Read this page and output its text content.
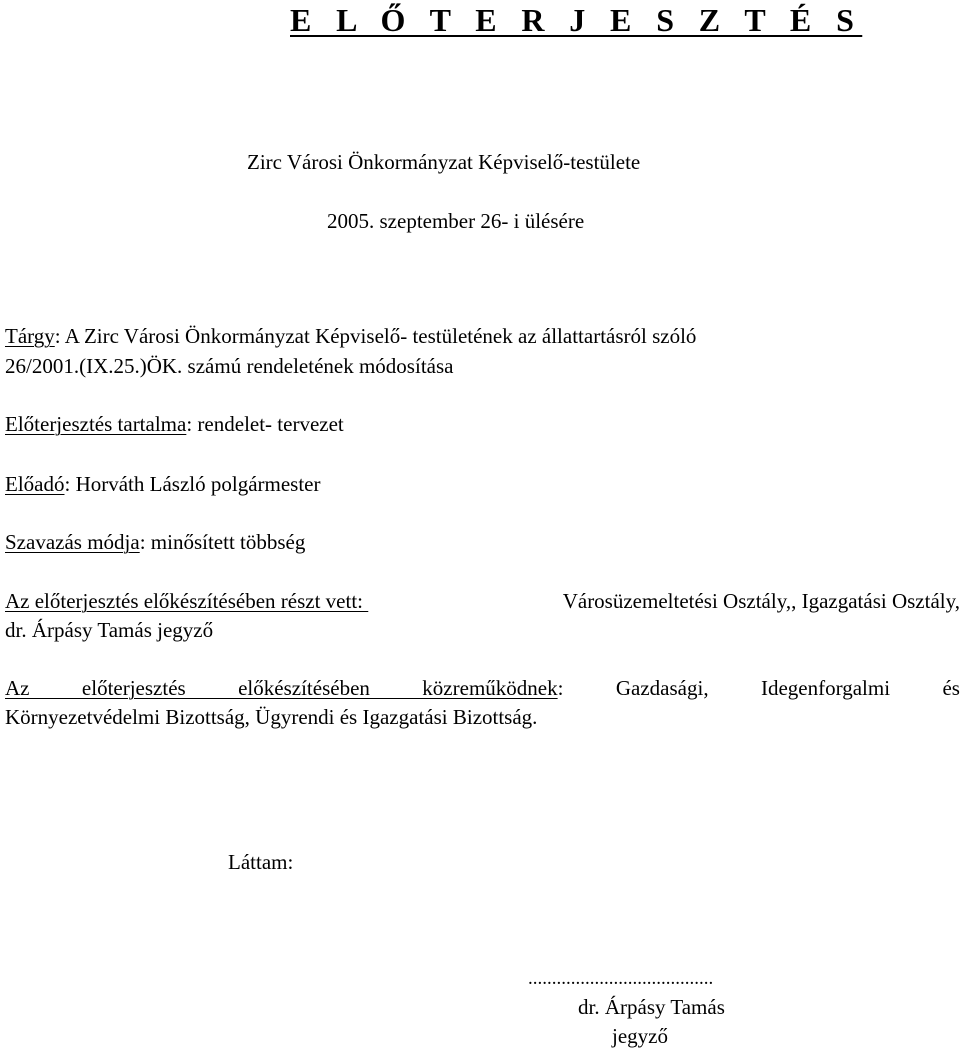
E L Ő T E R J E S Z T É S
Zirc Városi Önkormányzat Képviselő-testülete
2005. szeptember 26- i ülésére
Tárgy: A Zirc Városi Önkormányzat Képviselő- testületének az állattartásról szóló
26/2001.(IX.25.)ÖK. számú rendeletének módosítása
Előterjesztés tartalma: rendelet- tervezet
Előadó: Horváth László polgármester
Szavazás módja: minősített többség
Az előterjesztés előkészítésében részt vett:	Városüzemeltetési Osztály,, Igazgatási Osztály,
dr. Árpásy Tamás jegyző
Az előterjesztés előkészítésében közreműködnek: Gazdasági, Idegenforgalmi és
Környezetvédelmi Bizottság, Ügyrendi és Igazgatási Bizottság.
Láttam:
.......................................
dr. Árpásy Tamás
jegyző
